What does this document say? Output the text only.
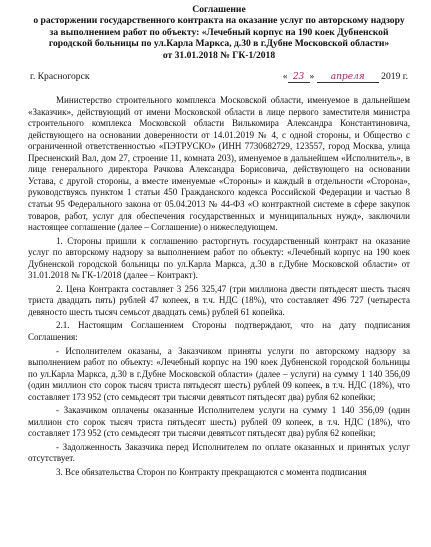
Соглашение
о расторжении государственного контракта на оказание услуг по авторскому надзору
за выполнением работ по объекту: «Лечебный корпус на 190 коек Дубненской
городской больницы по ул.Карла Маркса, д.30 в г.Дубне Московской области»
от 31.01.2018 № ГК-1/2018
г. Красногорск	« 23 » апреля 2019 г.

Министерство строительного комплекса Московской области, именуемое в дальнейшем «Заказчик», действующий от имени Московской области в лице первого заместителя министра строительного комплекса Московской области Вилькомира Александра Константиновича, действующего на основании доверенности от 14.01.2019 № 4, с одной стороны, и Общество с ограниченной ответственностью «ПЭТРУСКО» (ИНН 7730682729, 123557, город Москва, улица Пресненский Вал, дом 27, строение 11, комната 203), именуемое в дальнейшем «Исполнитель», в лице генерального директора Рачкова Александра Борисовича, действующего на основании Устава, с другой стороны, а вместе именуемые «Стороны» и каждый в отдельности «Сторона», руководствуясь пунктом 1 статьи 450 Гражданского кодекса Российской Федерации и частью 8 статьи 95 Федерального закона от 05.04.2013 № 44-ФЗ «О контрактной системе в сфере закупок товаров, работ, услуг для обеспечения государственных и муниципальных нужд», заключили настоящее соглашение (далее – Соглашение) о нижеследующем.

1. Стороны пришли к соглашению расторгнуть государственный контракт на оказание услуг по авторскому надзору за выполнением работ по объекту: «Лечебный корпус на 190 коек Дубненской городской больницы по ул.Карла Маркса, д.30 в г.Дубне Московской области» от 31.01.2018 № ГК-1/2018 (далее – Контракт).

2. Цена Контракта составляет 3 256 325,47 (три миллиона двести пятьдесят шесть тысяч триста двадцать пять) рублей 47 копеек, в т.ч. НДС (18%), что составляет 496 727 (четыреста девяносто шесть тысяч семьсот двадцать семь) рублей 61 копейка.

2.1. Настоящим Соглашением Стороны подтверждают, что на дату подписания Соглашения:

- Исполнителем оказаны, а Заказчиком приняты услуги по авторскому надзору за выполнением работ по объекту: «Лечебный корпус на 190 коек Дубненской городской больницы по ул.Карла Маркса, д.30 в г.Дубне Московской области» (далее – услуги) на сумму 1 140 356,09 (один миллион сто сорок тысяч триста пятьдесят шесть) рублей 09 копеек, в т.ч. НДС (18%), что составляет 173 952 (сто семьдесят три тысячи девятьсот пятьдесят два) рубля 62 копейки;

- Заказчиком оплачены оказанные Исполнителем услуги на сумму 1 140 356,09 (один миллион сто сорок тысяч триста пятьдесят шесть) рублей 09 копеек, в т.ч. НДС (18%), что составляет 173 952 (сто семьдесят три тысячи девятьсот пятьдесят два) рубля 62 копейки;

- Задолженность Заказчика перед Исполнителем по оплате оказанных и принятых услуг отсутствует.

3. Все обязательства Сторон по Контракту прекращаются с момента подписания
